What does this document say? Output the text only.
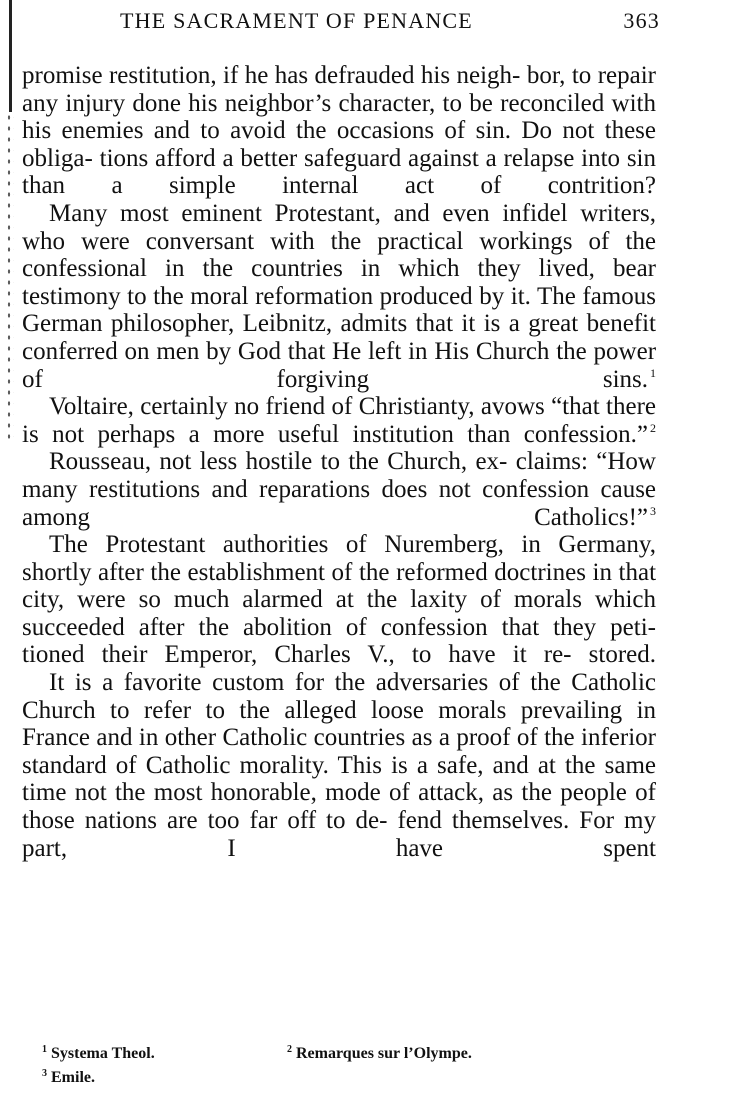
THE SACRAMENT OF PENANCE	363

promise restitution, if he has defrauded his neigh- bor, to repair any injury done his neighbor’s character, to be reconciled with his enemies and to avoid the occasions of sin. Do not these obliga- tions afford a better safeguard against a relapse into sin than a simple internal act of contrition?

Many most eminent Protestant, and even infidel writers, who were conversant with the practical workings of the confessional in the countries in which they lived, bear testimony to the moral reformation produced by it. The famous German philosopher, Leibnitz, admits that it is a great benefit conferred on men by God that He left in His Church the power of forgiving sins. $^1$

Voltaire, certainly no friend of Christianty, avows “that there is not perhaps a more useful institution than confession.” $^2$

Rousseau, not less hostile to the Church, ex- claims: “How many restitutions and reparations does not confession cause among Catholics!” $^3$

The Protestant authorities of Nuremberg, in Germany, shortly after the establishment of the reformed doctrines in that city, were so much alarmed at the laxity of morals which succeeded after the abolition of confession that they peti- tioned their Emperor, Charles V., to have it re- stored.

It is a favorite custom for the adversaries of the Catholic Church to refer to the alleged loose morals prevailing in France and in other Catholic countries as a proof of the inferior standard of Catholic morality. This is a safe, and at the same time not the most honorable, mode of attack, as the people of those nations are too far off to de- fend themselves. For my part, I have spent

$^1$ Systema Theol.	$^2$ Remarques sur l’Olympe.
$^3$ Emile.
